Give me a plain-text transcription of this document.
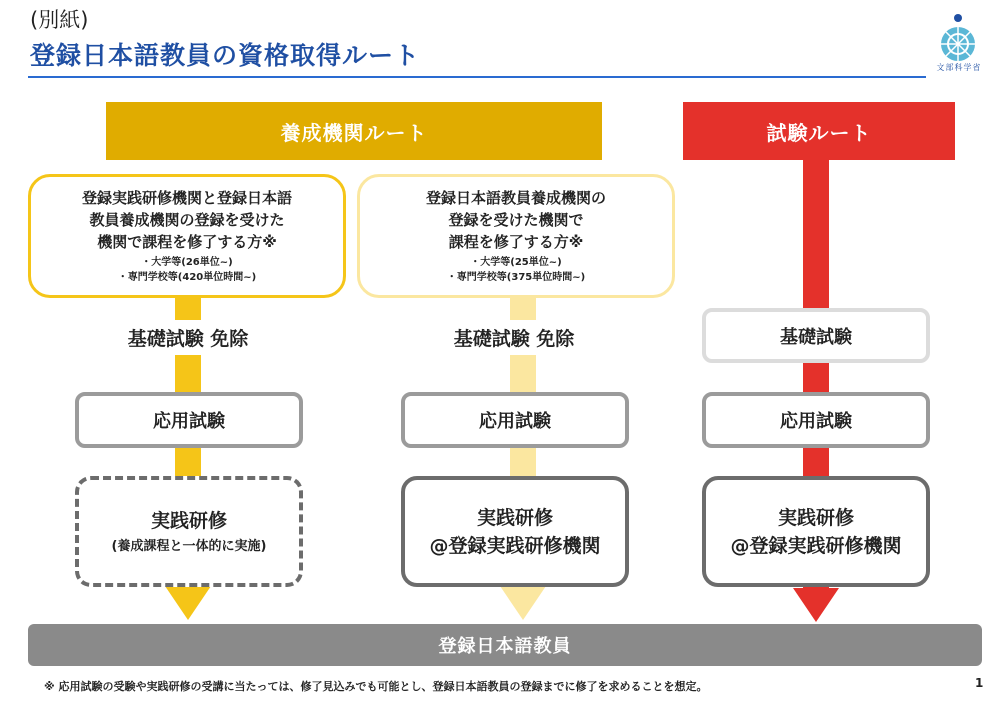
(別紙)
登録日本語教員の資格取得ルート	文部科学省
養成機関ルート	試験ルート
登録実践研修機関と登録日本語
教員養成機関の登録を受けた
機関で課程を修了する方※
・大学等(26単位~)
・専門学校等(420単位時間~)
登録日本語教員養成機関の
登録を受けた機関で
課程を修了する方※
・大学等(25単位~)
・専門学校等(375単位時間~)
基礎試験 免除	基礎試験 免除	基礎試験
応用試験	応用試験	応用試験
実践研修
(養成課程と一体的に実施)
実践研修
@登録実践研修機関
実践研修
@登録実践研修機関
登録日本語教員
※ 応用試験の受験や実践研修の受講に当たっては、修了見込みでも可能とし、登録日本語教員の登録までに修了を求めることを想定。	1
